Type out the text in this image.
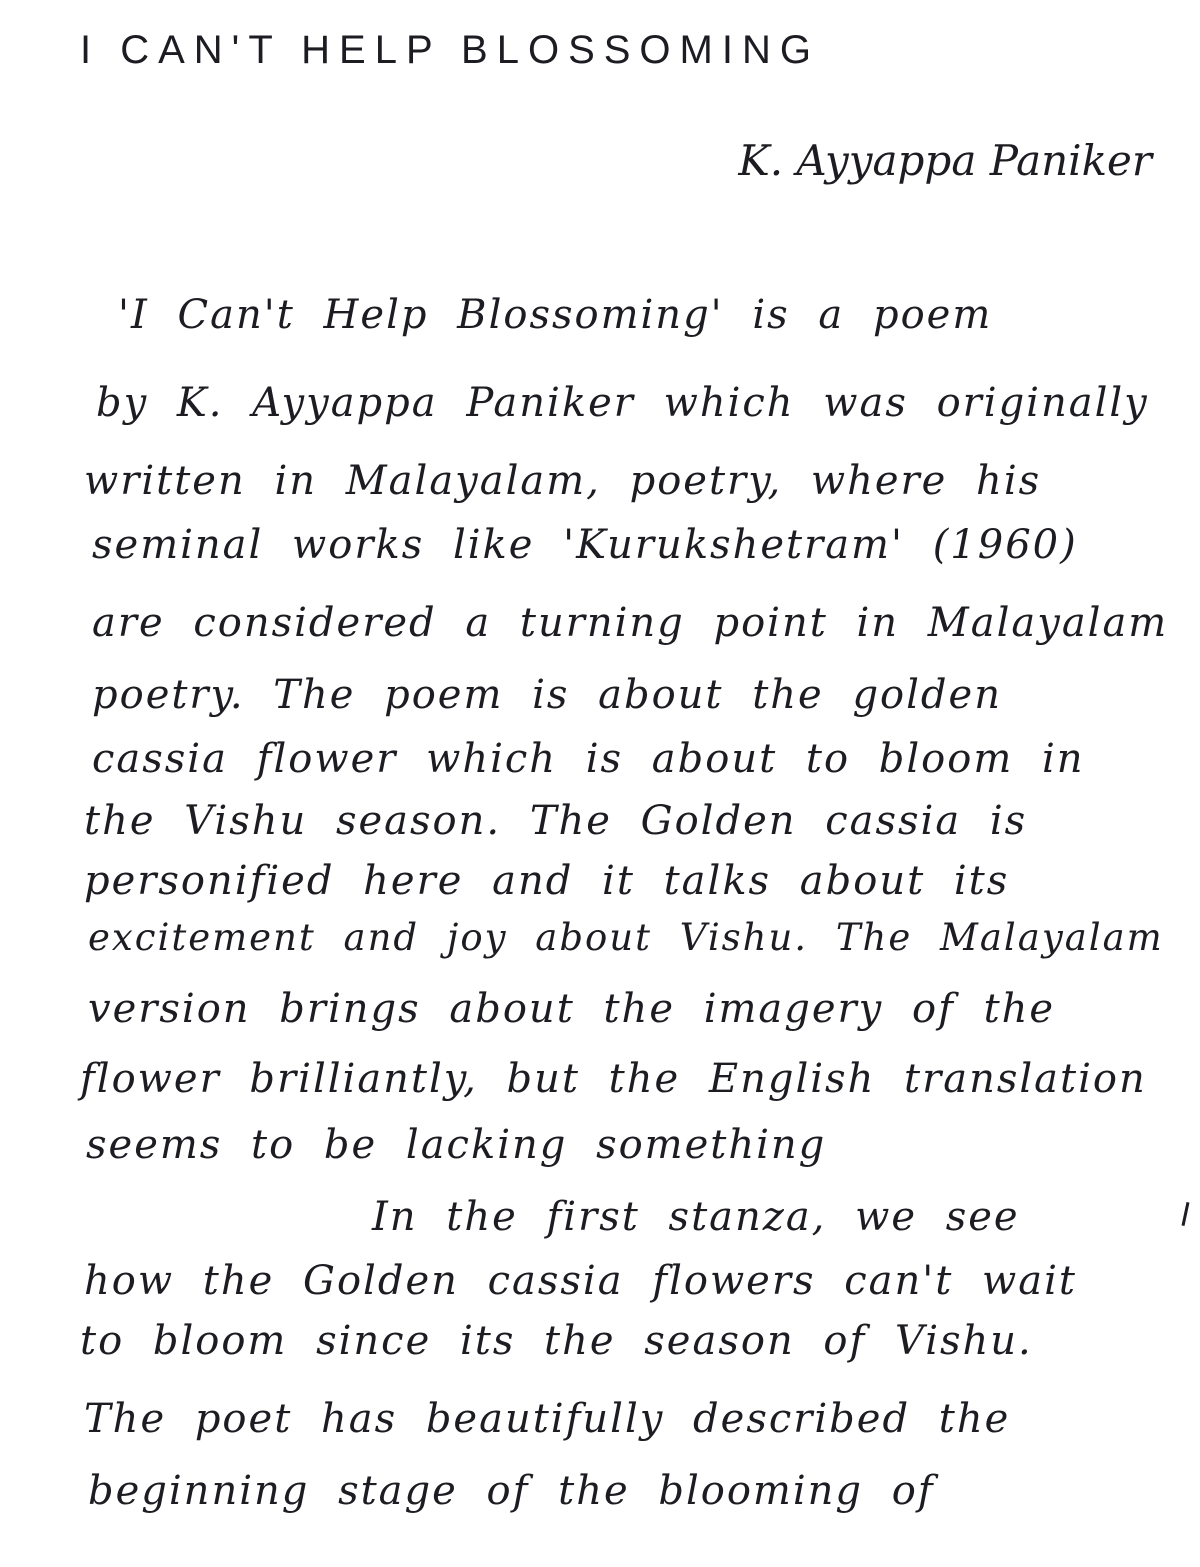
I CAN'T HELP BLOSSOMING
K. Ayyappa Paniker
'I Can't Help Blossoming' is a poem
by K. Ayyappa Paniker which was originally
written in Malayalam, poetry, where his
seminal works like 'Kurukshetram' (1960)
are considered a turning point in Malayalam
poetry. The poem is about the golden
cassia flower which is about to bloom in
the Vishu season. The Golden cassia is
personified here and it talks about its
excitement and joy about Vishu. The Malayalam
version brings about the imagery of the
flower brilliantly, but the English translation
seems to be lacking something
In the first stanza, we see
how the Golden cassia flowers can't wait
to bloom since its the season of Vishu.
The poet has beautifully described the
beginning stage of the blooming of
